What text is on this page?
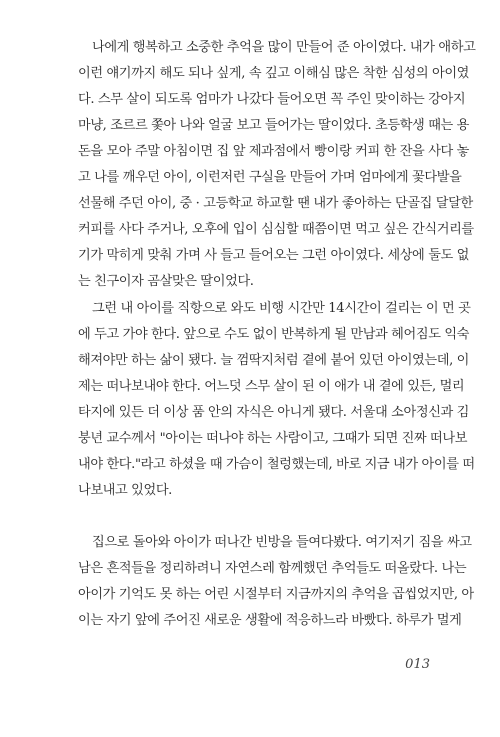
나에게 행복하고 소중한 추억을 많이 만들어 준 아이였다. 내가 애하고
이런 얘기까지 해도 되나 싶게, 속 깊고 이해심 많은 착한 심성의 아이였
다. 스무 살이 되도록 엄마가 나갔다 들어오면 꼭 주인 맞이하는 강아지
마냥, 조르르 쫓아 나와 얼굴 보고 들어가는 딸이었다. 초등학생 때는 용
돈을 모아 주말 아침이면 집 앞 제과점에서 빵이랑 커피 한 잔을 사다 놓
고 나를 깨우던 아이, 이런저런 구실을 만들어 가며 엄마에게 꽃다발을
선물해 주던 아이, 중 · 고등학교 하교할 땐 내가 좋아하는 단골집 달달한
커피를 사다 주거나, 오후에 입이 심심할 때쯤이면 먹고 싶은 간식거리를
기가 막히게 맞춰 가며 사 들고 들어오는 그런 아이였다. 세상에 둘도 없
는 친구이자 곰살맞은 딸이었다.
그런 내 아이를 직항으로 와도 비행 시간만 14시간이 걸리는 이 먼 곳
에 두고 가야 한다. 앞으로 수도 없이 반복하게 될 만남과 헤어짐도 익숙
해져야만 하는 삶이 됐다. 늘 껌딱지처럼 곁에 붙어 있던 아이였는데, 이
제는 떠나보내야 한다. 어느덧 스무 살이 된 이 애가 내 곁에 있든, 멀리
타지에 있든 더 이상 품 안의 자식은 아니게 됐다. 서울대 소아정신과 김
붕년 교수께서 "아이는 떠나야 하는 사람이고, 그때가 되면 진짜 떠나보
내야 한다."라고 하셨을 때 가슴이 철렁했는데, 바로 지금 내가 아이를 떠
나보내고 있었다.
집으로 돌아와 아이가 떠나간 빈방을 들여다봤다. 여기저기 짐을 싸고
남은 흔적들을 정리하려니 자연스레 함께했던 추억들도 떠올랐다. 나는
아이가 기억도 못 하는 어린 시절부터 지금까지의 추억을 곱씹었지만, 아
이는 자기 앞에 주어진 새로운 생활에 적응하느라 바빴다. 하루가 멀게
013
